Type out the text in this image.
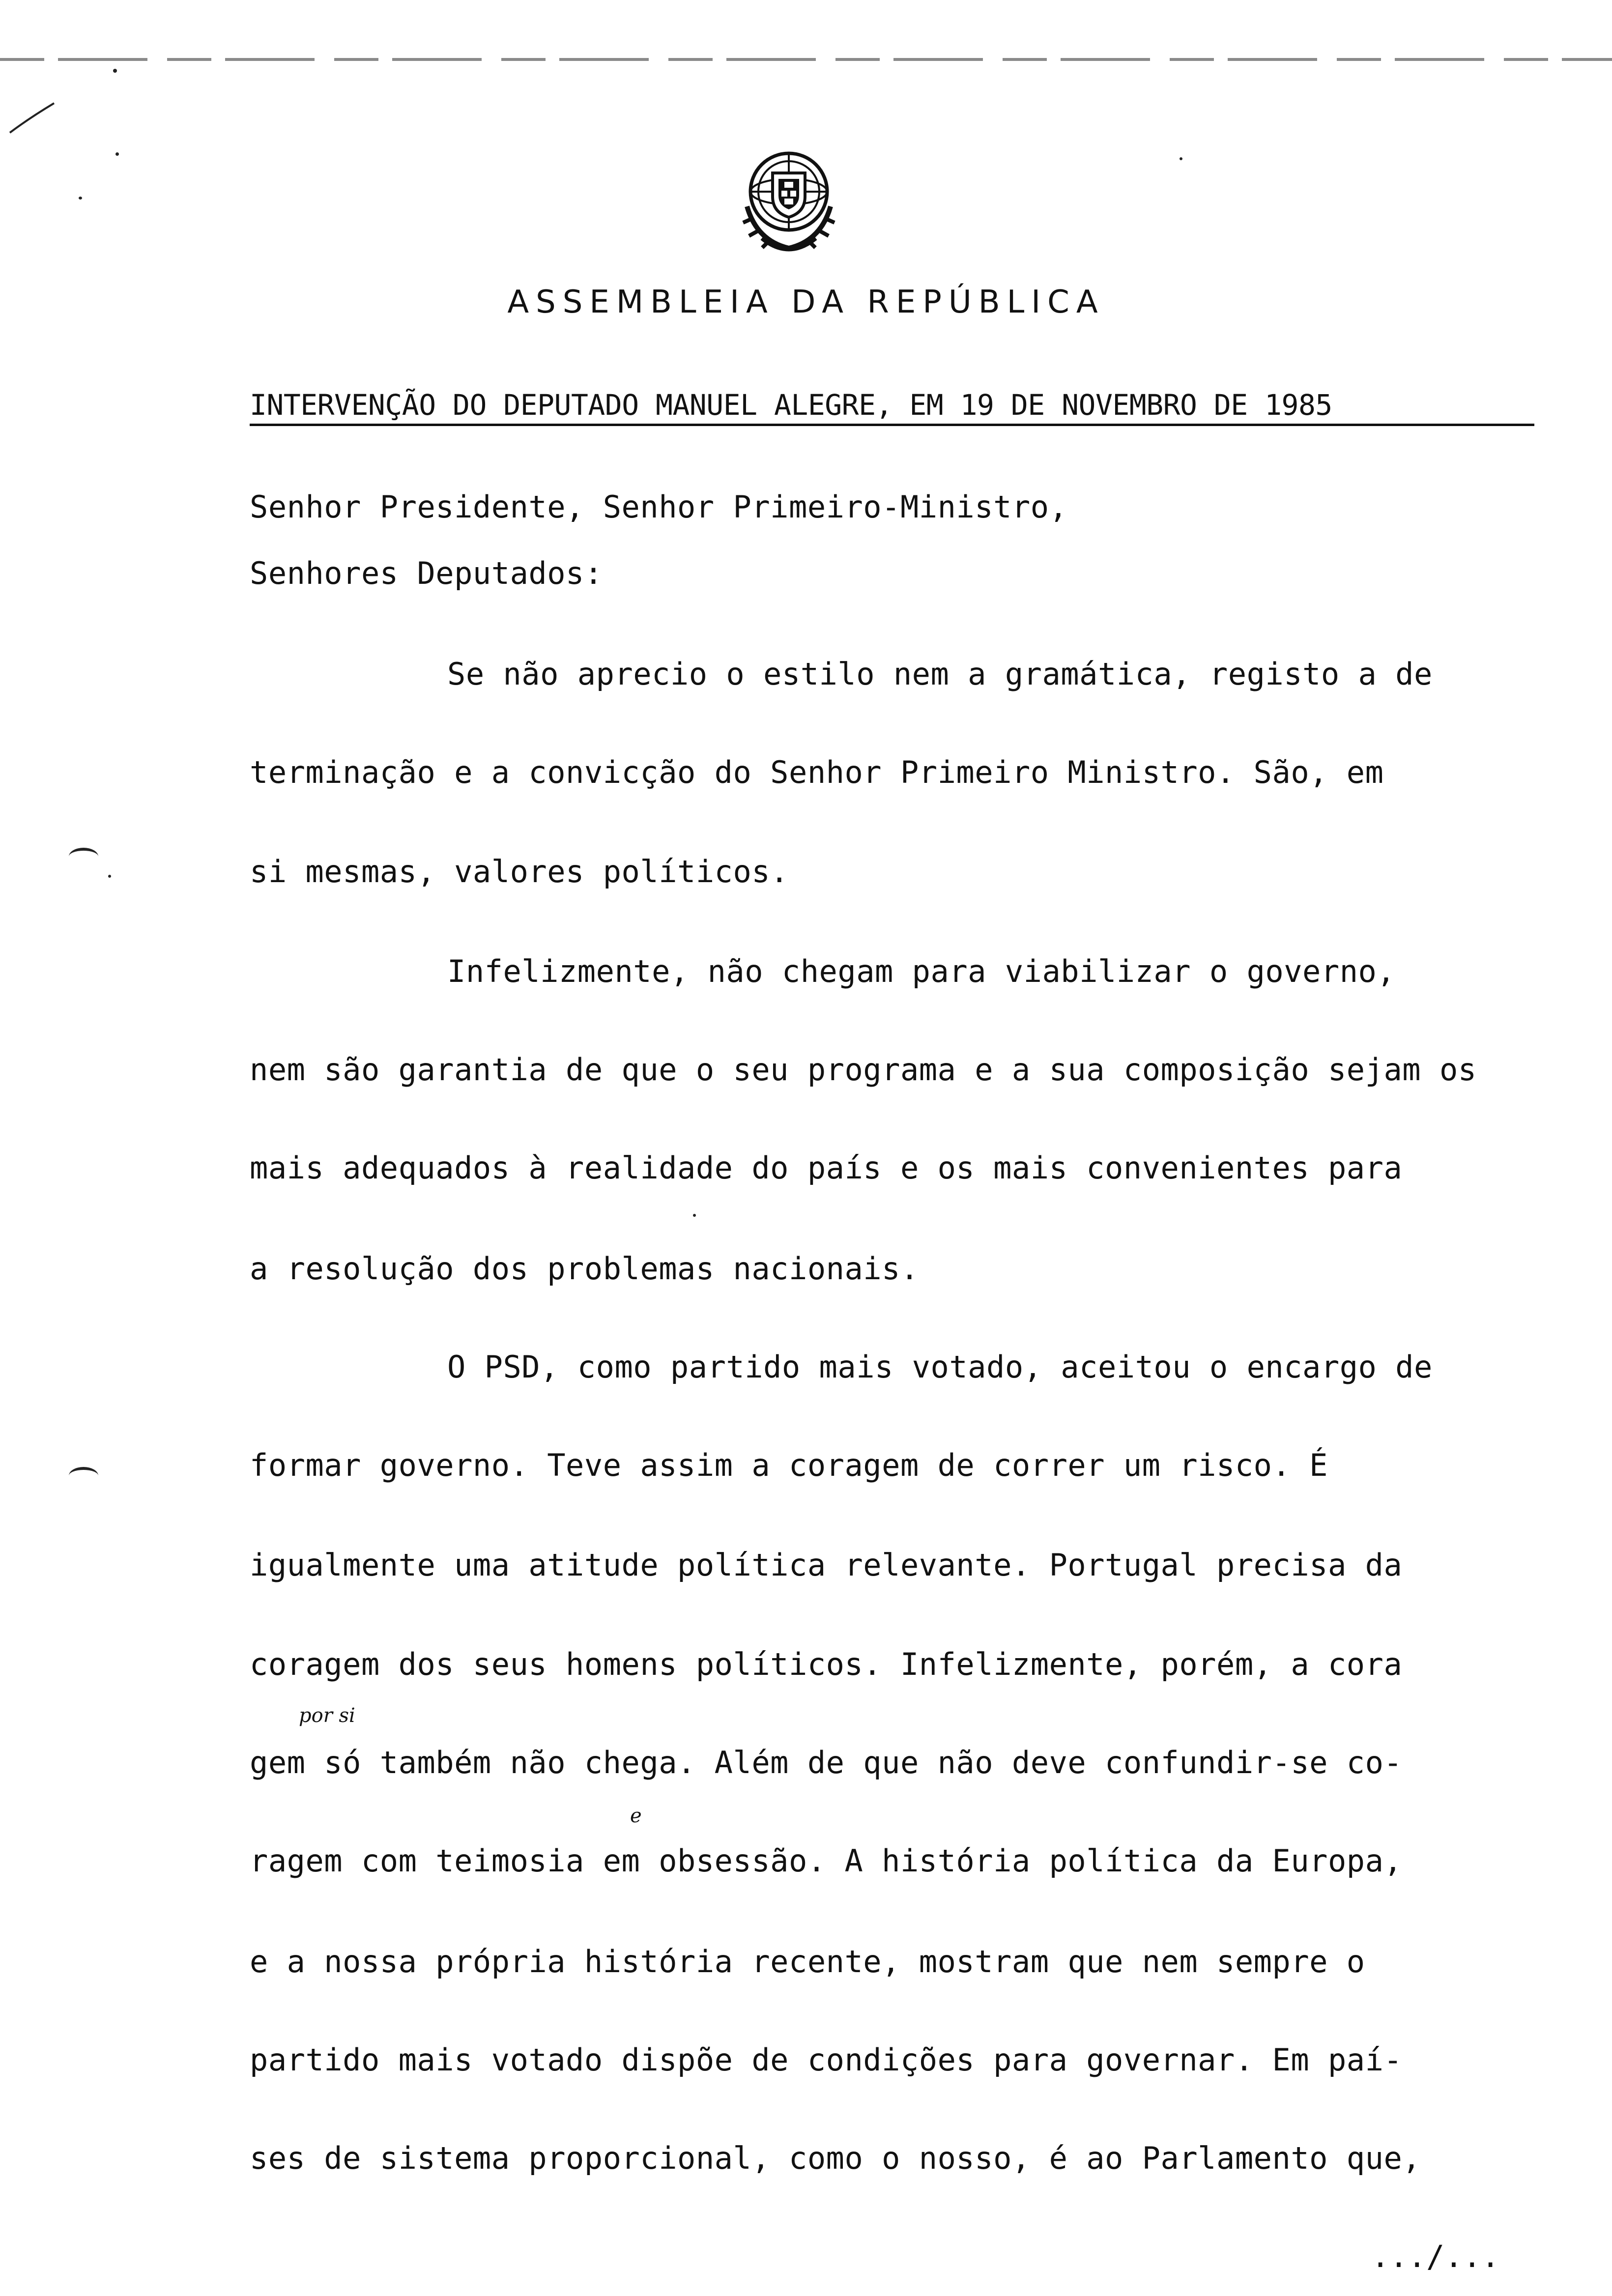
ASSEMBLEIA DA REPÚBLICA
INTERVENÇÃO DO DEPUTADO MANUEL ALEGRE, EM 19 DE NOVEMBRO DE 1985
Senhor Presidente, Senhor Primeiro-Ministro,
Senhores Deputados:
Se não aprecio o estilo nem a gramática, registo a de
terminação e a convicção do Senhor Primeiro Ministro. São, em
si mesmas, valores políticos.
Infelizmente, não chegam para viabilizar o governo,
nem são garantia de que o seu programa e a sua composição sejam os
mais adequados à realidade do país e os mais convenientes para
a resolução dos problemas nacionais.
O PSD, como partido mais votado, aceitou o encargo de
formar governo. Teve assim a coragem de correr um risco. É
igualmente uma atitude política relevante. Portugal precisa da
coragem dos seus homens políticos. Infelizmente, porém, a cora
por si
gem só também não chega. Além de que não deve confundir-se co-
e
ragem com teimosia em obsessão. A história política da Europa,
e a nossa própria história recente, mostram que nem sempre o
partido mais votado dispõe de condições para governar. Em paí-
ses de sistema proporcional, como o nosso, é ao Parlamento que,
.../...
